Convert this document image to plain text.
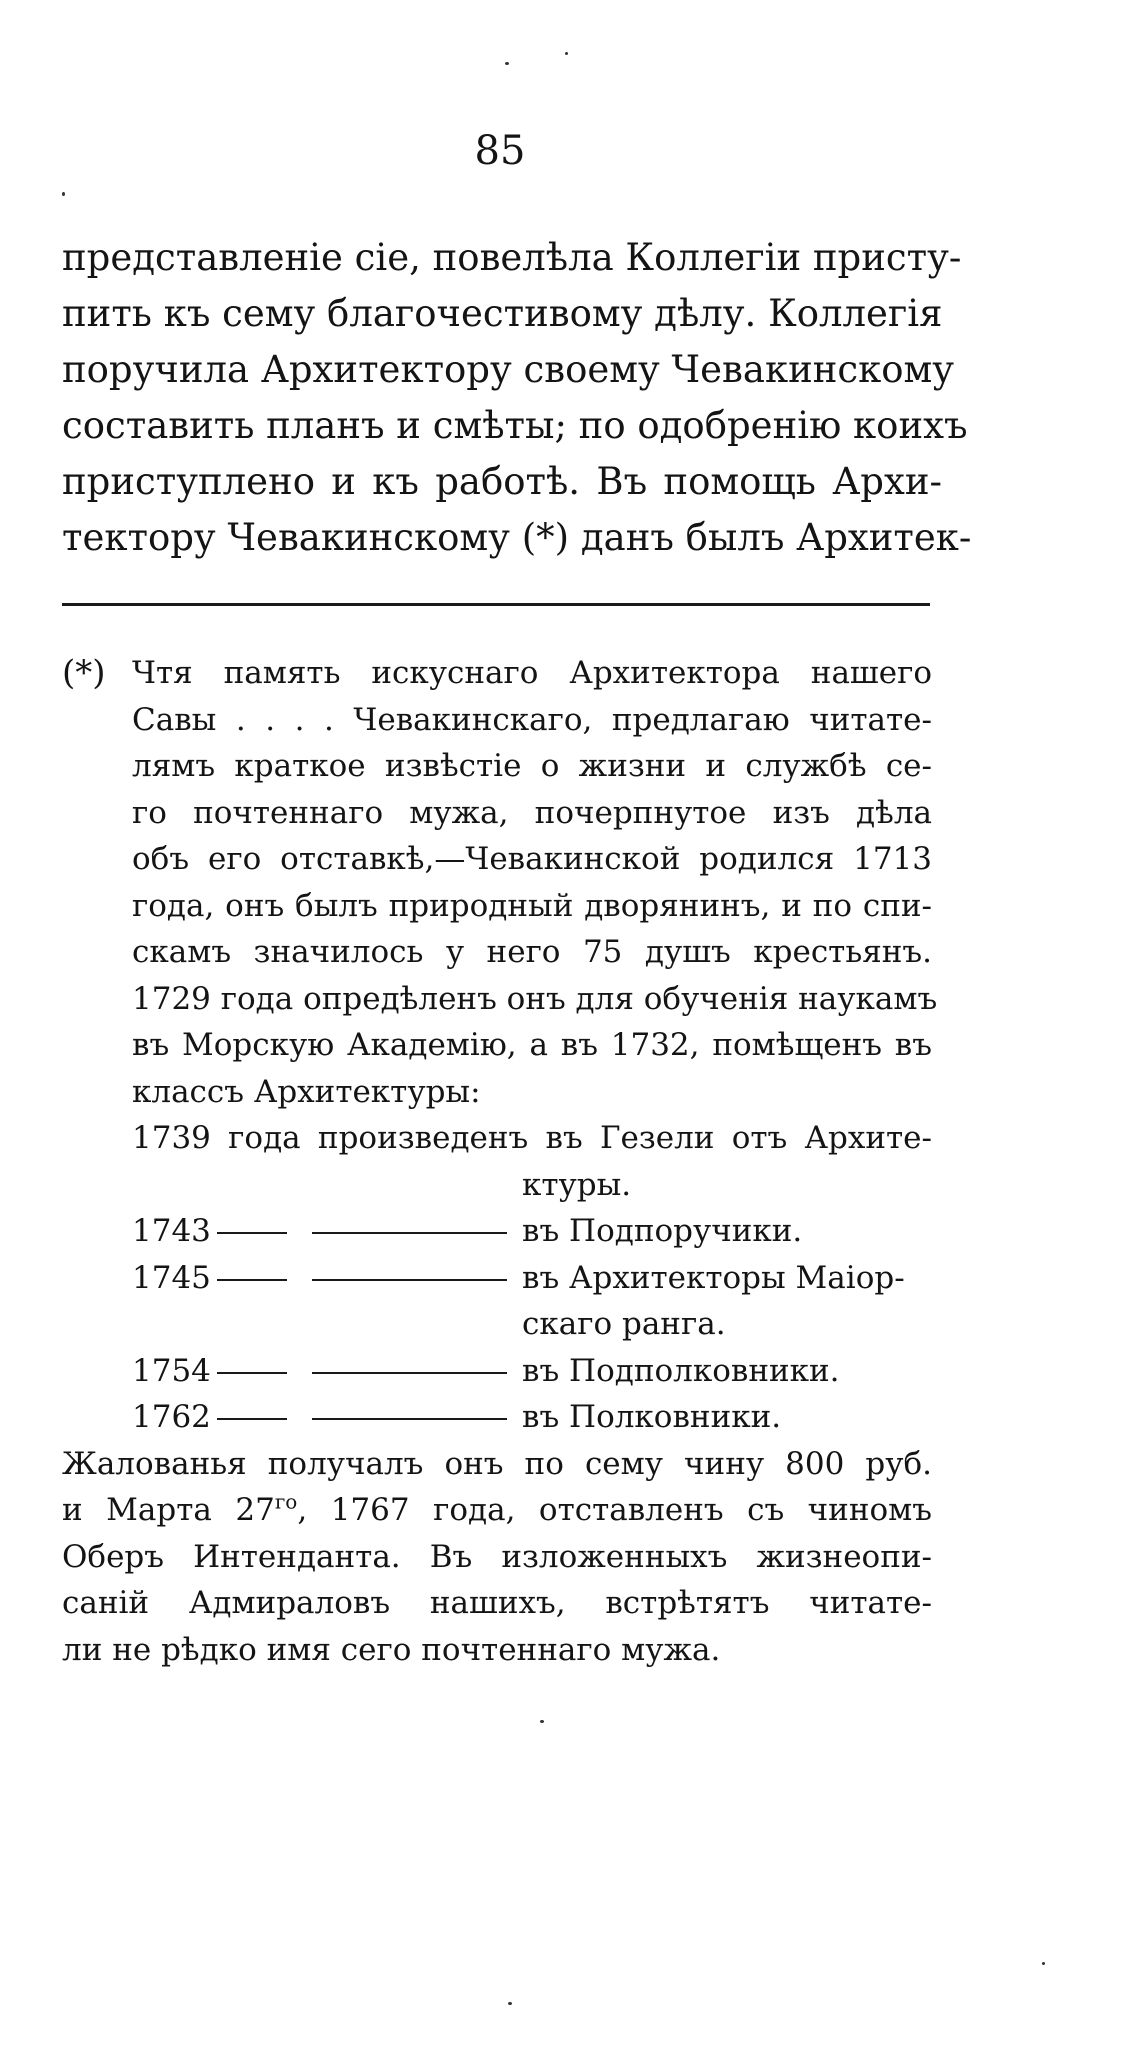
85
представленіе сіе, повелѣла Коллегіи присту-
пить къ сему благочестивому дѣлу. Коллегія
поручила Архитектору своему Чевакинскому
составить планъ и смѣты; по одобренію коихъ
приступлено и къ работѣ. Въ помощь Архи-
тектору Чевакинскому (*) данъ былъ Архитек-
(*) Чтя память искуснаго Архитектора нашего
Савы . . . . Чевакинскаго, предлагаю читате-
лямъ краткое извѣстіе о жизни и службѣ се-
го почтеннаго мужа, почерпнутое изъ дѣла
объ его отставкѣ,—Чевакинской родился 1713
года, онъ былъ природный дворянинъ, и по спи-
скамъ значилось у него 75 душъ крестьянъ.
1729 года опредѣленъ онъ для обученія наукамъ
въ Морскую Академію, а въ 1732, помѣщенъ въ
классъ Архитектуры:
1739 года произведенъ въ Гезели отъ Архите-
ктуры.
1743	въ Подпоручики.
1745	въ Архитекторы Маіор-
скаго ранга.
1754	въ Подполковники.
1762	въ Полковники.
Жалованья получалъ онъ по сему чину 800 руб.
и Марта $27^{го}$, 1767 года, отставленъ съ чиномъ
Оберъ Интенданта. Въ изложенныхъ жизнеопи-
саній Адмираловъ нашихъ, встрѣтятъ читате-
ли не рѣдко имя сего почтеннаго мужа.
